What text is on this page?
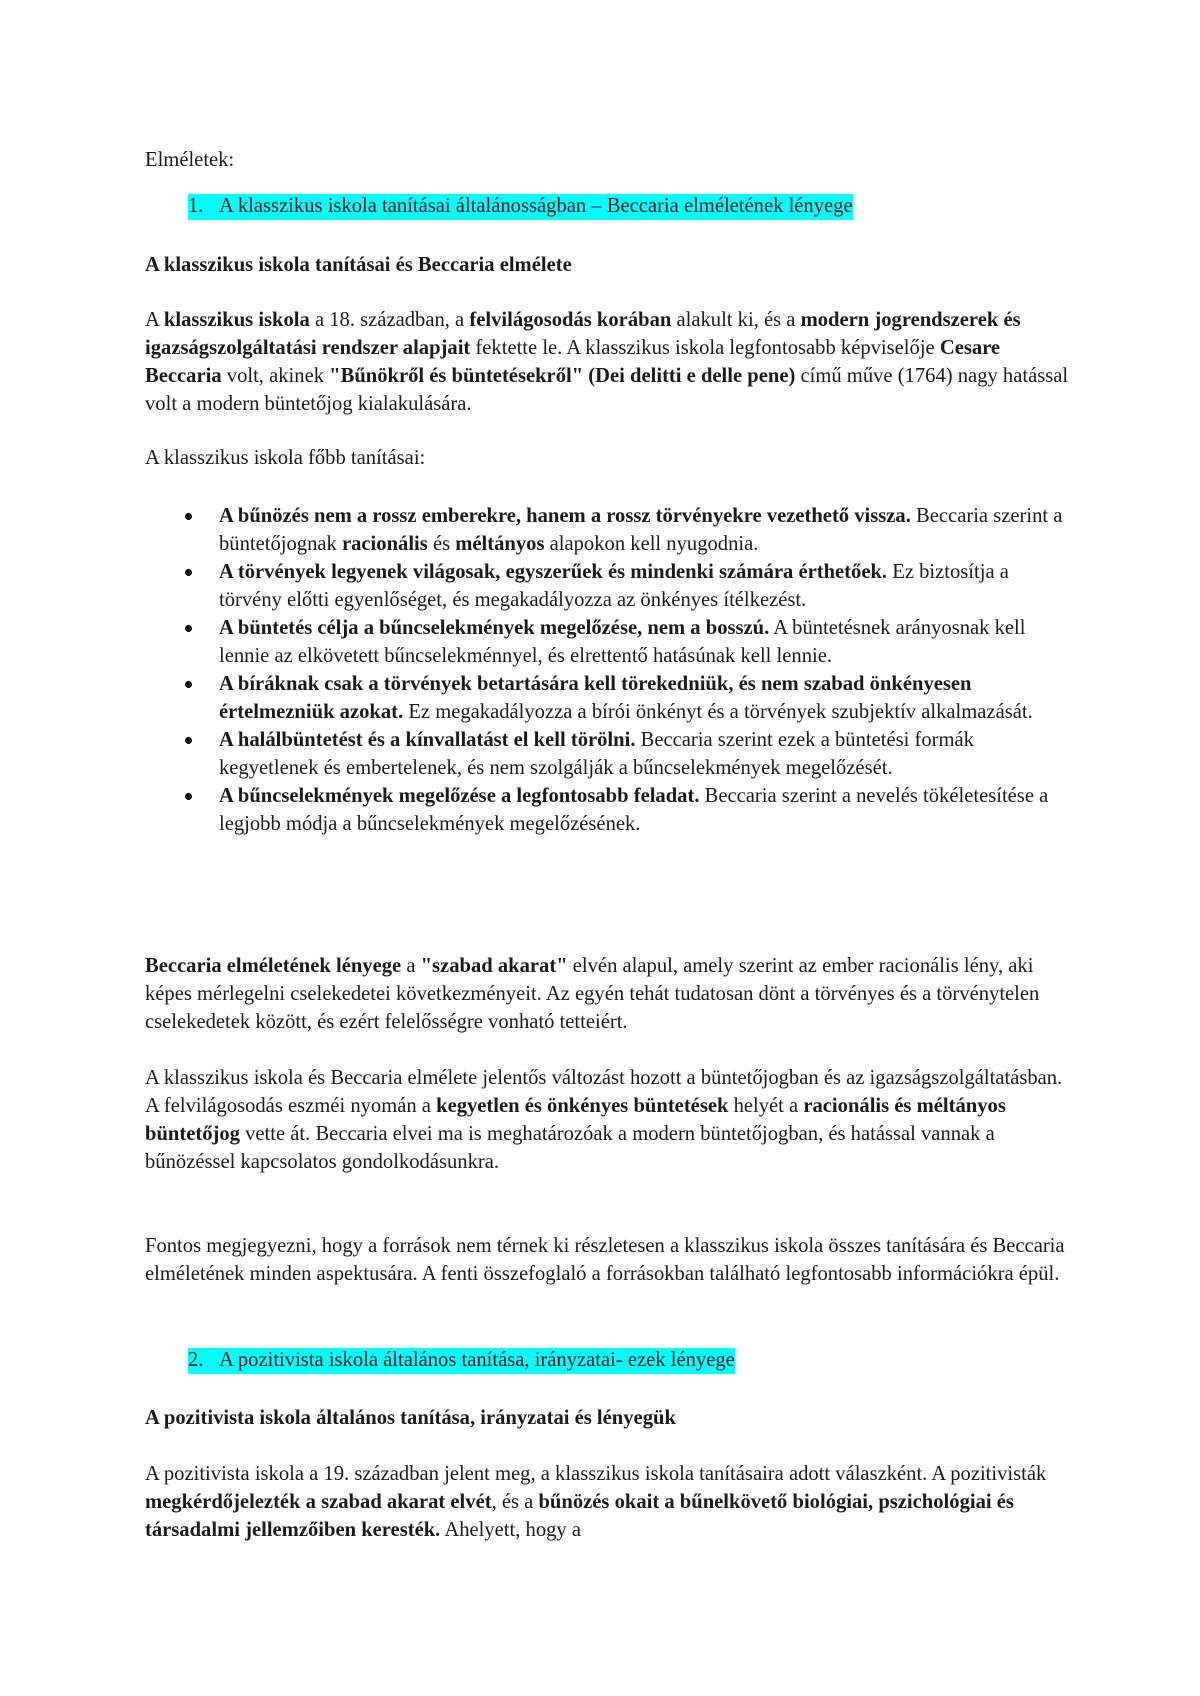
Elméletek:

1. A klasszikus iskola tanításai általánosságban – Beccaria elméletének lényege
A klasszikus iskola tanításai és Beccaria elmélete

A klasszikus iskola a 18. században, a felvilágosodás korában alakult ki, és a modern jogrendszerek és igazságszolgáltatási rendszer alapjait fektette le. A klasszikus iskola legfontosabb képviselője Cesare Beccaria volt, akinek "Bűnökről és büntetésekről" (Dei delitti e delle pene) című műve (1764) nagy hatással volt a modern büntetőjog kialakulására.

A klasszikus iskola főbb tanításai:

A bűnözés nem a rossz emberekre, hanem a rossz törvényekre vezethető vissza. Beccaria szerint a büntetőjognak racionális és méltányos alapokon kell nyugodnia.
A törvények legyenek világosak, egyszerűek és mindenki számára érthetőek. Ez biztosítja a törvény előtti egyenlőséget, és megakadályozza az önkényes ítélkezést.
A büntetés célja a bűncselekmények megelőzése, nem a bosszú. A büntetésnek arányosnak kell lennie az elkövetett bűncselekménnyel, és elrettentő hatásúnak kell lennie.
A bíráknak csak a törvények betartására kell törekedniük, és nem szabad önkényesen értelmezniük azokat. Ez megakadályozza a bírói önkényt és a törvények szubjektív alkalmazását.
A halálbüntetést és a kínvallatást el kell törölni. Beccaria szerint ezek a büntetési formák kegyetlenek és embertelenek, és nem szolgálják a bűncselekmények megelőzését.
A bűncselekmények megelőzése a legfontosabb feladat. Beccaria szerint a nevelés tökéletesítése a legjobb módja a bűncselekmények megelőzésének.

Beccaria elméletének lényege a "szabad akarat" elvén alapul, amely szerint az ember racionális lény, aki képes mérlegelni cselekedetei következményeit. Az egyén tehát tudatosan dönt a törvényes és a törvénytelen cselekedetek között, és ezért felelősségre vonható tetteiért.

A klasszikus iskola és Beccaria elmélete jelentős változást hozott a büntetőjogban és az igazságszolgáltatásban. A felvilágosodás eszméi nyomán a kegyetlen és önkényes büntetések helyét a racionális és méltányos büntetőjog vette át. Beccaria elvei ma is meghatározóak a modern büntetőjogban, és hatással vannak a bűnözéssel kapcsolatos gondolkodásunkra.

Fontos megjegyezni, hogy a források nem térnek ki részletesen a klasszikus iskola összes tanítására és Beccaria elméletének minden aspektusára. A fenti összefoglaló a forrásokban található legfontosabb információkra épül.

2. A pozitivista iskola általános tanítása, irányzatai- ezek lényege
A pozitivista iskola általános tanítása, irányzatai és lényegük

A pozitivista iskola a 19. században jelent meg, a klasszikus iskola tanításaira adott válaszként. A pozitivisták megkérdőjelezték a szabad akarat elvét, és a bűnözés okait a bűnelkövető biológiai, pszichológiai és társadalmi jellemzőiben keresték. Ahelyett, hogy a
